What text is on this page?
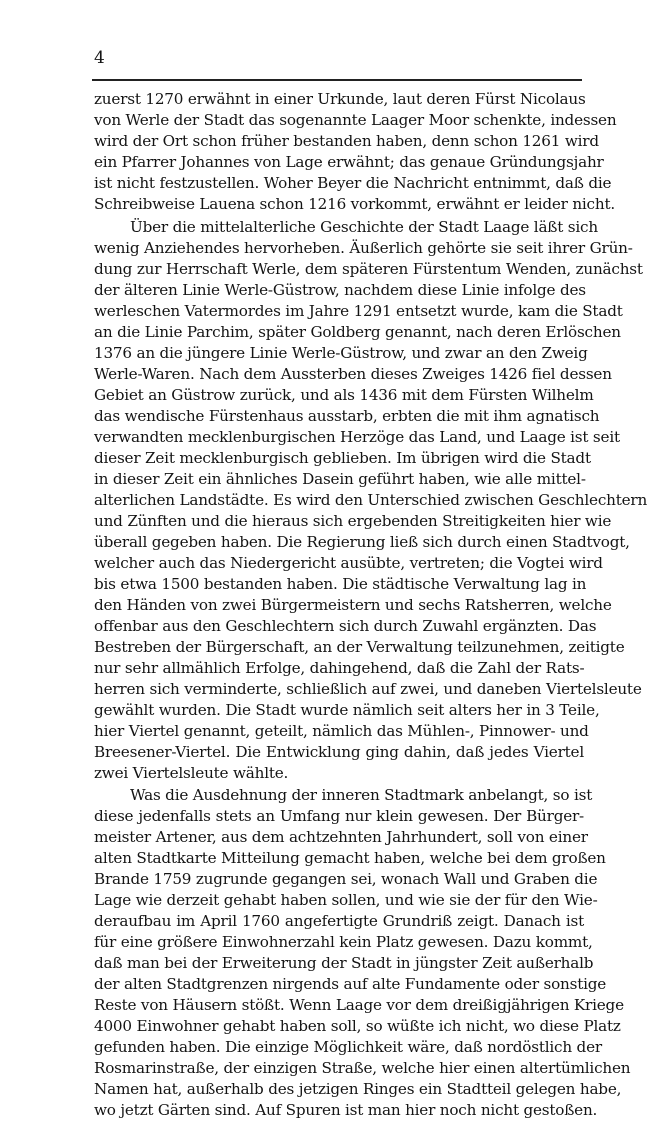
4
zuerst 1270 erwähnt in einer Urkunde, laut deren Fürst Nicolaus
von Werle der Stadt das sogenannte Laager Moor schenkte, indessen
wird der Ort schon früher bestanden haben, denn schon 1261 wird
ein Pfarrer Johannes von Lage erwähnt; das genaue Gründungsjahr
ist nicht festzustellen. Woher Beyer die Nachricht entnimmt, daß die
Schreibweise Lauena schon 1216 vorkommt, erwähnt er leider nicht.
Über die mittelalterliche Geschichte der Stadt Laage läßt sich
wenig Anziehendes hervorheben. Äußerlich gehörte sie seit ihrer Grün-
dung zur Herrschaft Werle, dem späteren Fürstentum Wenden, zunächst
der älteren Linie Werle-Güstrow, nachdem diese Linie infolge des
werleschen Vatermordes im Jahre 1291 entsetzt wurde, kam die Stadt
an die Linie Parchim, später Goldberg genannt, nach deren Erlöschen
1376 an die jüngere Linie Werle-Güstrow, und zwar an den Zweig
Werle-Waren. Nach dem Aussterben dieses Zweiges 1426 fiel dessen
Gebiet an Güstrow zurück, und als 1436 mit dem Fürsten Wilhelm
das wendische Fürstenhaus ausstarb, erbten die mit ihm agnatisch
verwandten mecklenburgischen Herzöge das Land, und Laage ist seit
dieser Zeit mecklenburgisch geblieben. Im übrigen wird die Stadt
in dieser Zeit ein ähnliches Dasein geführt haben, wie alle mittel-
alterlichen Landstädte. Es wird den Unterschied zwischen Geschlechtern
und Zünften und die hieraus sich ergebenden Streitigkeiten hier wie
überall gegeben haben. Die Regierung ließ sich durch einen Stadtvogt,
welcher auch das Niedergericht ausübte, vertreten; die Vogtei wird
bis etwa 1500 bestanden haben. Die städtische Verwaltung lag in
den Händen von zwei Bürgermeistern und sechs Ratsherren, welche
offenbar aus den Geschlechtern sich durch Zuwahl ergänzten. Das
Bestreben der Bürgerschaft, an der Verwaltung teilzunehmen, zeitigte
nur sehr allmählich Erfolge, dahingehend, daß die Zahl der Rats-
herren sich verminderte, schließlich auf zwei, und daneben Viertelsleute
gewählt wurden. Die Stadt wurde nämlich seit alters her in 3 Teile,
hier Viertel genannt, geteilt, nämlich das Mühlen-, Pinnower- und
Breesener-Viertel. Die Entwicklung ging dahin, daß jedes Viertel
zwei Viertelsleute wählte.
Was die Ausdehnung der inneren Stadtmark anbelangt, so ist
diese jedenfalls stets an Umfang nur klein gewesen. Der Bürger-
meister Artener, aus dem achtzehnten Jahrhundert, soll von einer
alten Stadtkarte Mitteilung gemacht haben, welche bei dem großen
Brande 1759 zugrunde gegangen sei, wonach Wall und Graben die
Lage wie derzeit gehabt haben sollen, und wie sie der für den Wie-
deraufbau im April 1760 angefertigte Grundriß zeigt. Danach ist
für eine größere Einwohnerzahl kein Platz gewesen. Dazu kommt,
daß man bei der Erweiterung der Stadt in jüngster Zeit außerhalb
der alten Stadtgrenzen nirgends auf alte Fundamente oder sonstige
Reste von Häusern stößt. Wenn Laage vor dem dreißigjährigen Kriege
4000 Einwohner gehabt haben soll, so wüßte ich nicht, wo diese Platz
gefunden haben. Die einzige Möglichkeit wäre, daß nordöstlich der
Rosmarinstraße, der einzigen Straße, welche hier einen altertümlichen
Namen hat, außerhalb des jetzigen Ringes ein Stadtteil gelegen habe,
wo jetzt Gärten sind. Auf Spuren ist man hier noch nicht gestoßen.
